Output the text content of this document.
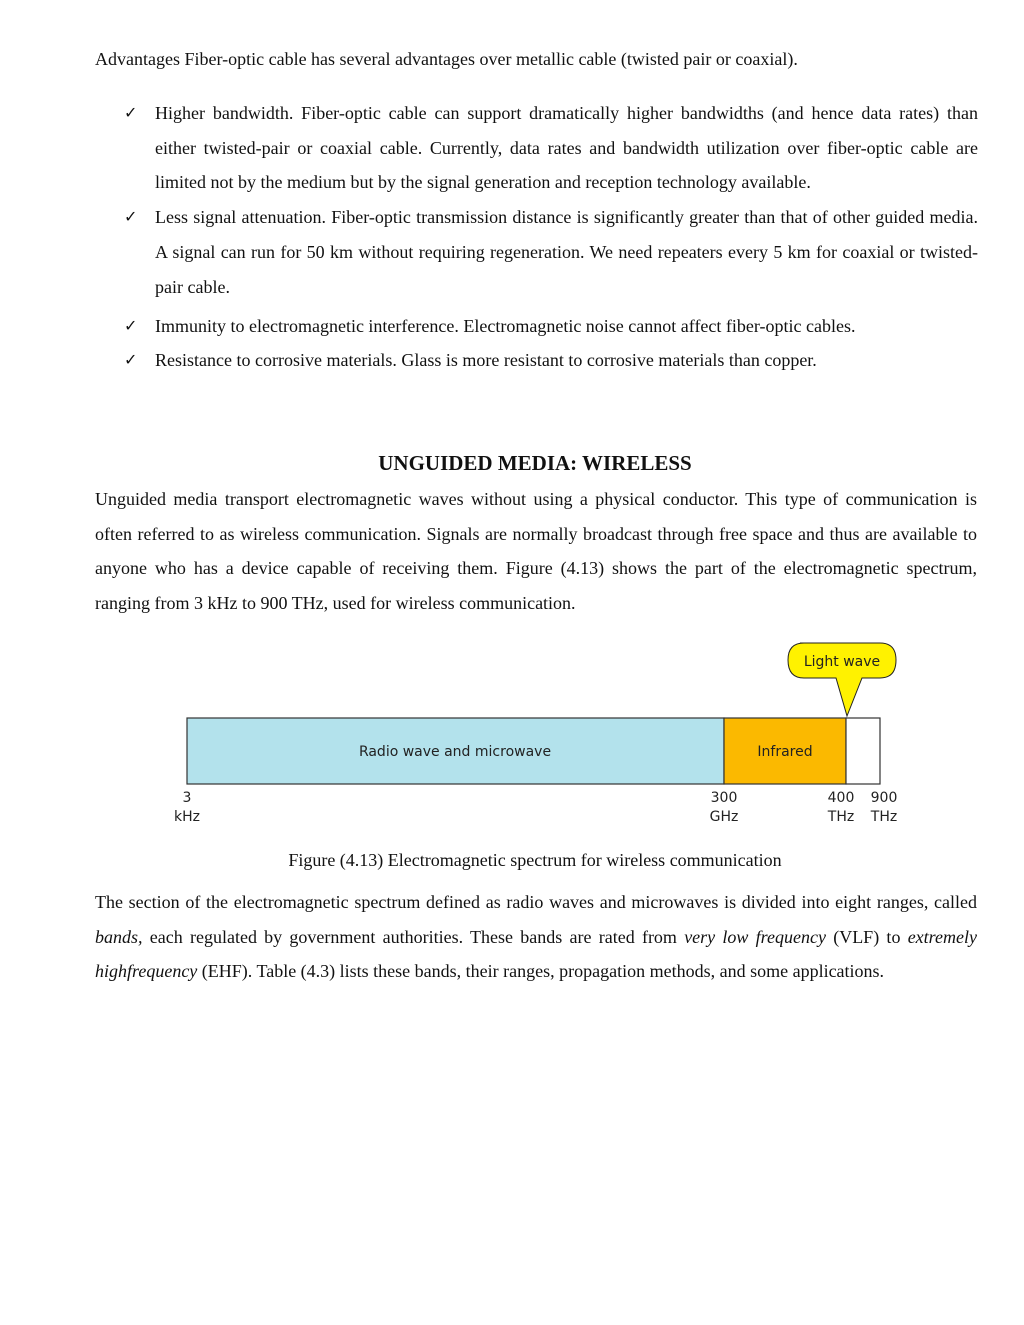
Advantages Fiber-optic cable has several advantages over metallic cable (twisted pair or coaxial).
✓ Higher bandwidth. Fiber-optic cable can support dramatically higher bandwidths (and hence data rates) than either twisted-pair or coaxial cable. Currently, data rates and bandwidth utilization over fiber-optic cable are limited not by the medium but by the signal generation and reception technology available.
✓ Less signal attenuation. Fiber-optic transmission distance is significantly greater than that of other guided media. A signal can run for 50 km without requiring regeneration. We need repeaters every 5 km for coaxial or twisted-pair cable.
✓ Immunity to electromagnetic interference. Electromagnetic noise cannot affect fiber-optic cables.
✓ Resistance to corrosive materials. Glass is more resistant to corrosive materials than copper.
UNGUIDED MEDIA: WIRELESS
Unguided media transport electromagnetic waves without using a physical conductor. This type of communication is often referred to as wireless communication. Signals are normally broadcast through free space and thus are available to anyone who has a device capable of receiving them. Figure (4.13) shows the part of the electromagnetic spectrum, ranging from 3 kHz to 900 THz, used for wireless communication.
Light wave
Radio wave and microwave	Infrared
3
kHz
300
GHz
400
THz
900
THz
Figure (4.13) Electromagnetic spectrum for wireless communication
The section of the electromagnetic spectrum defined as radio waves and microwaves is divided into eight ranges, called bands, each regulated by government authorities. These bands are rated from very low frequency (VLF) to extremely highfrequency (EHF). Table (4.3) lists these bands, their ranges, propagation methods, and some applications.
